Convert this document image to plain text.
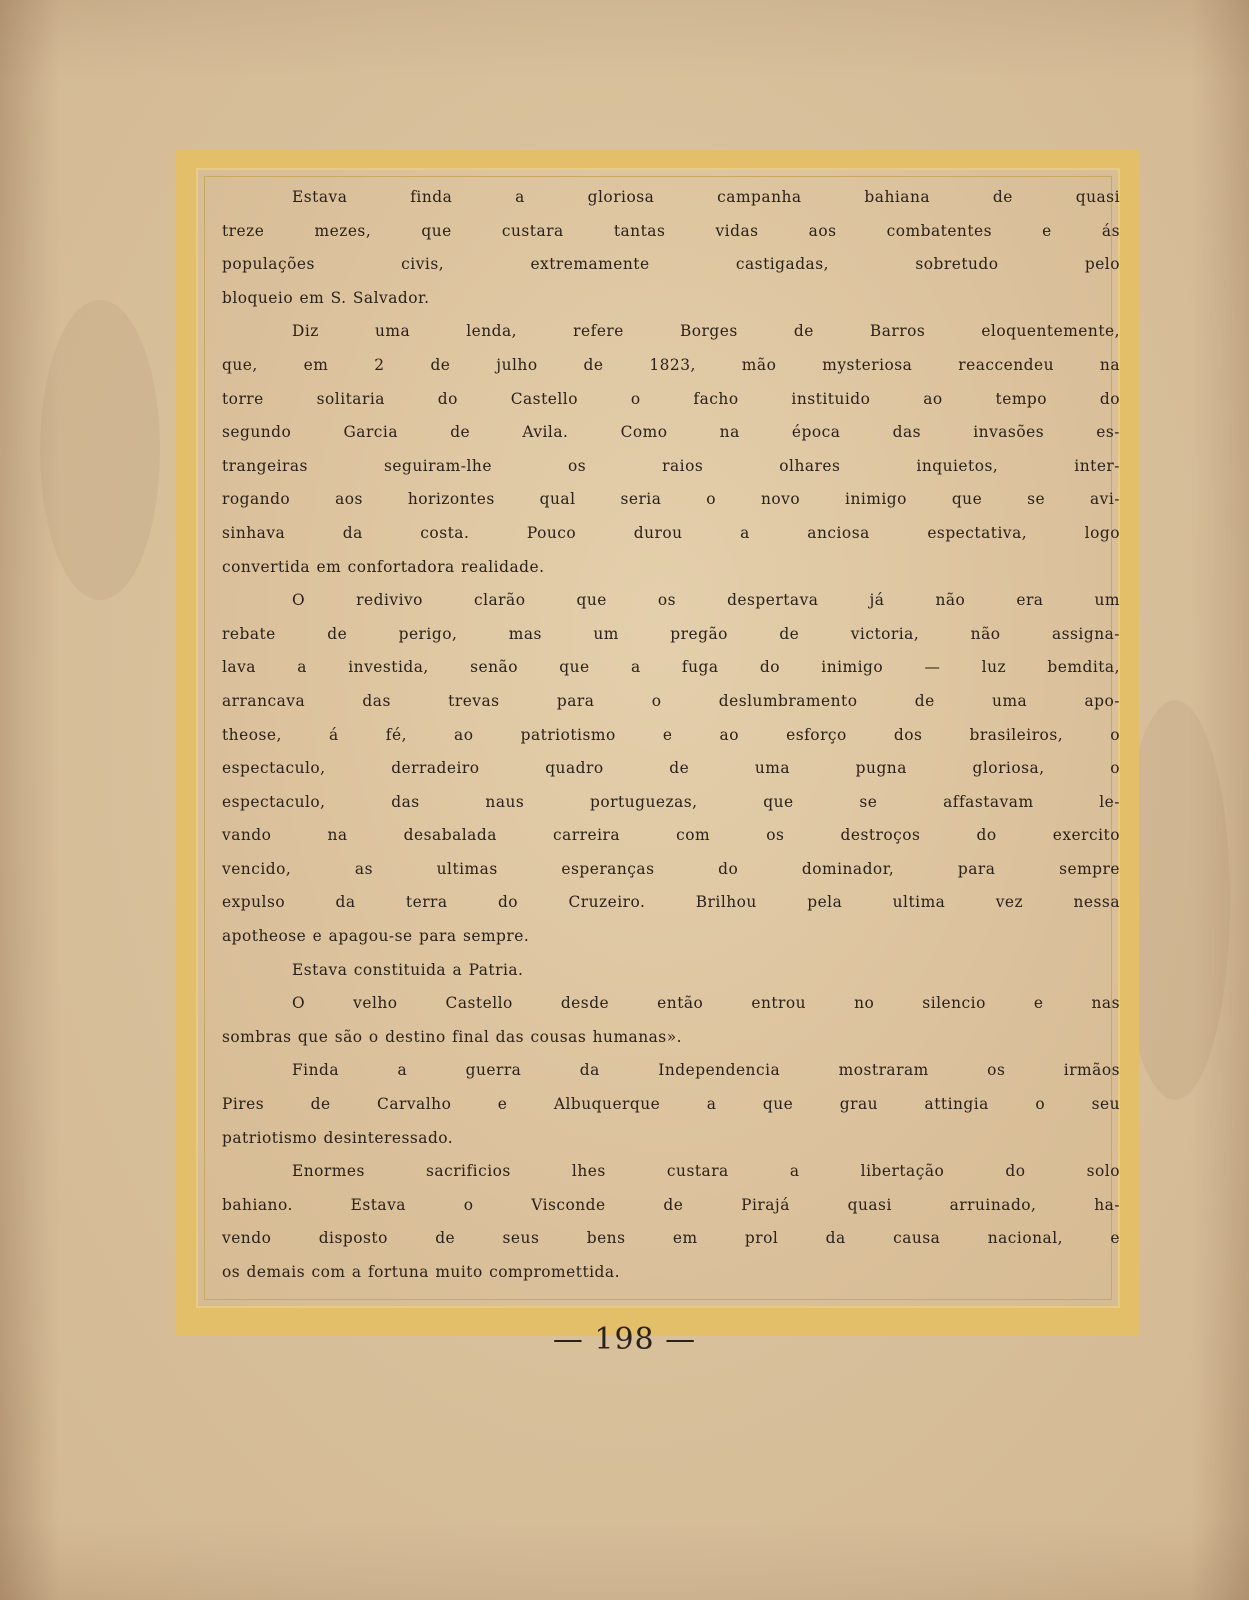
Estava finda a gloriosa campanha bahiana de quasi
treze mezes, que custara tantas vidas aos combatentes e ás
populações civis, extremamente castigadas, sobretudo pelo
bloqueio em S. Salvador.
Diz uma lenda, refere Borges de Barros eloquentemente,
que, em 2 de julho de 1823, mão mysteriosa reaccendeu na
torre solitaria do Castello o facho instituido ao tempo do
segundo Garcia de Avila. Como na época das invasões es-
trangeiras seguiram-lhe os raios olhares inquietos, inter-
rogando aos horizontes qual seria o novo inimigo que se avi-
sinhava da costa. Pouco durou a anciosa espectativa, logo
convertida em confortadora realidade.
O redivivo clarão que os despertava já não era um
rebate de perigo, mas um pregão de victoria, não assigna-
lava a investida, senão que a fuga do inimigo — luz bemdita,
arrancava das trevas para o deslumbramento de uma apo-
theose, á fé, ao patriotismo e ao esforço dos brasileiros, o
espectaculo, derradeiro quadro de uma pugna gloriosa, o
espectaculo, das naus portuguezas, que se affastavam le-
vando na desabalada carreira com os destroços do exercito
vencido, as ultimas esperanças do dominador, para sempre
expulso da terra do Cruzeiro. Brilhou pela ultima vez nessa
apotheose e apagou-se para sempre.
Estava constituida a Patria.
O velho Castello desde então entrou no silencio e nas
sombras que são o destino final das cousas humanas».
Finda a guerra da Independencia mostraram os irmãos
Pires de Carvalho e Albuquerque a que grau attingia o seu
patriotismo desinteressado.
Enormes sacrificios lhes custara a libertação do solo
bahiano. Estava o Visconde de Pirajá quasi arruinado, ha-
vendo disposto de seus bens em prol da causa nacional, e
os demais com a fortuna muito compromettida.
— 198 —
